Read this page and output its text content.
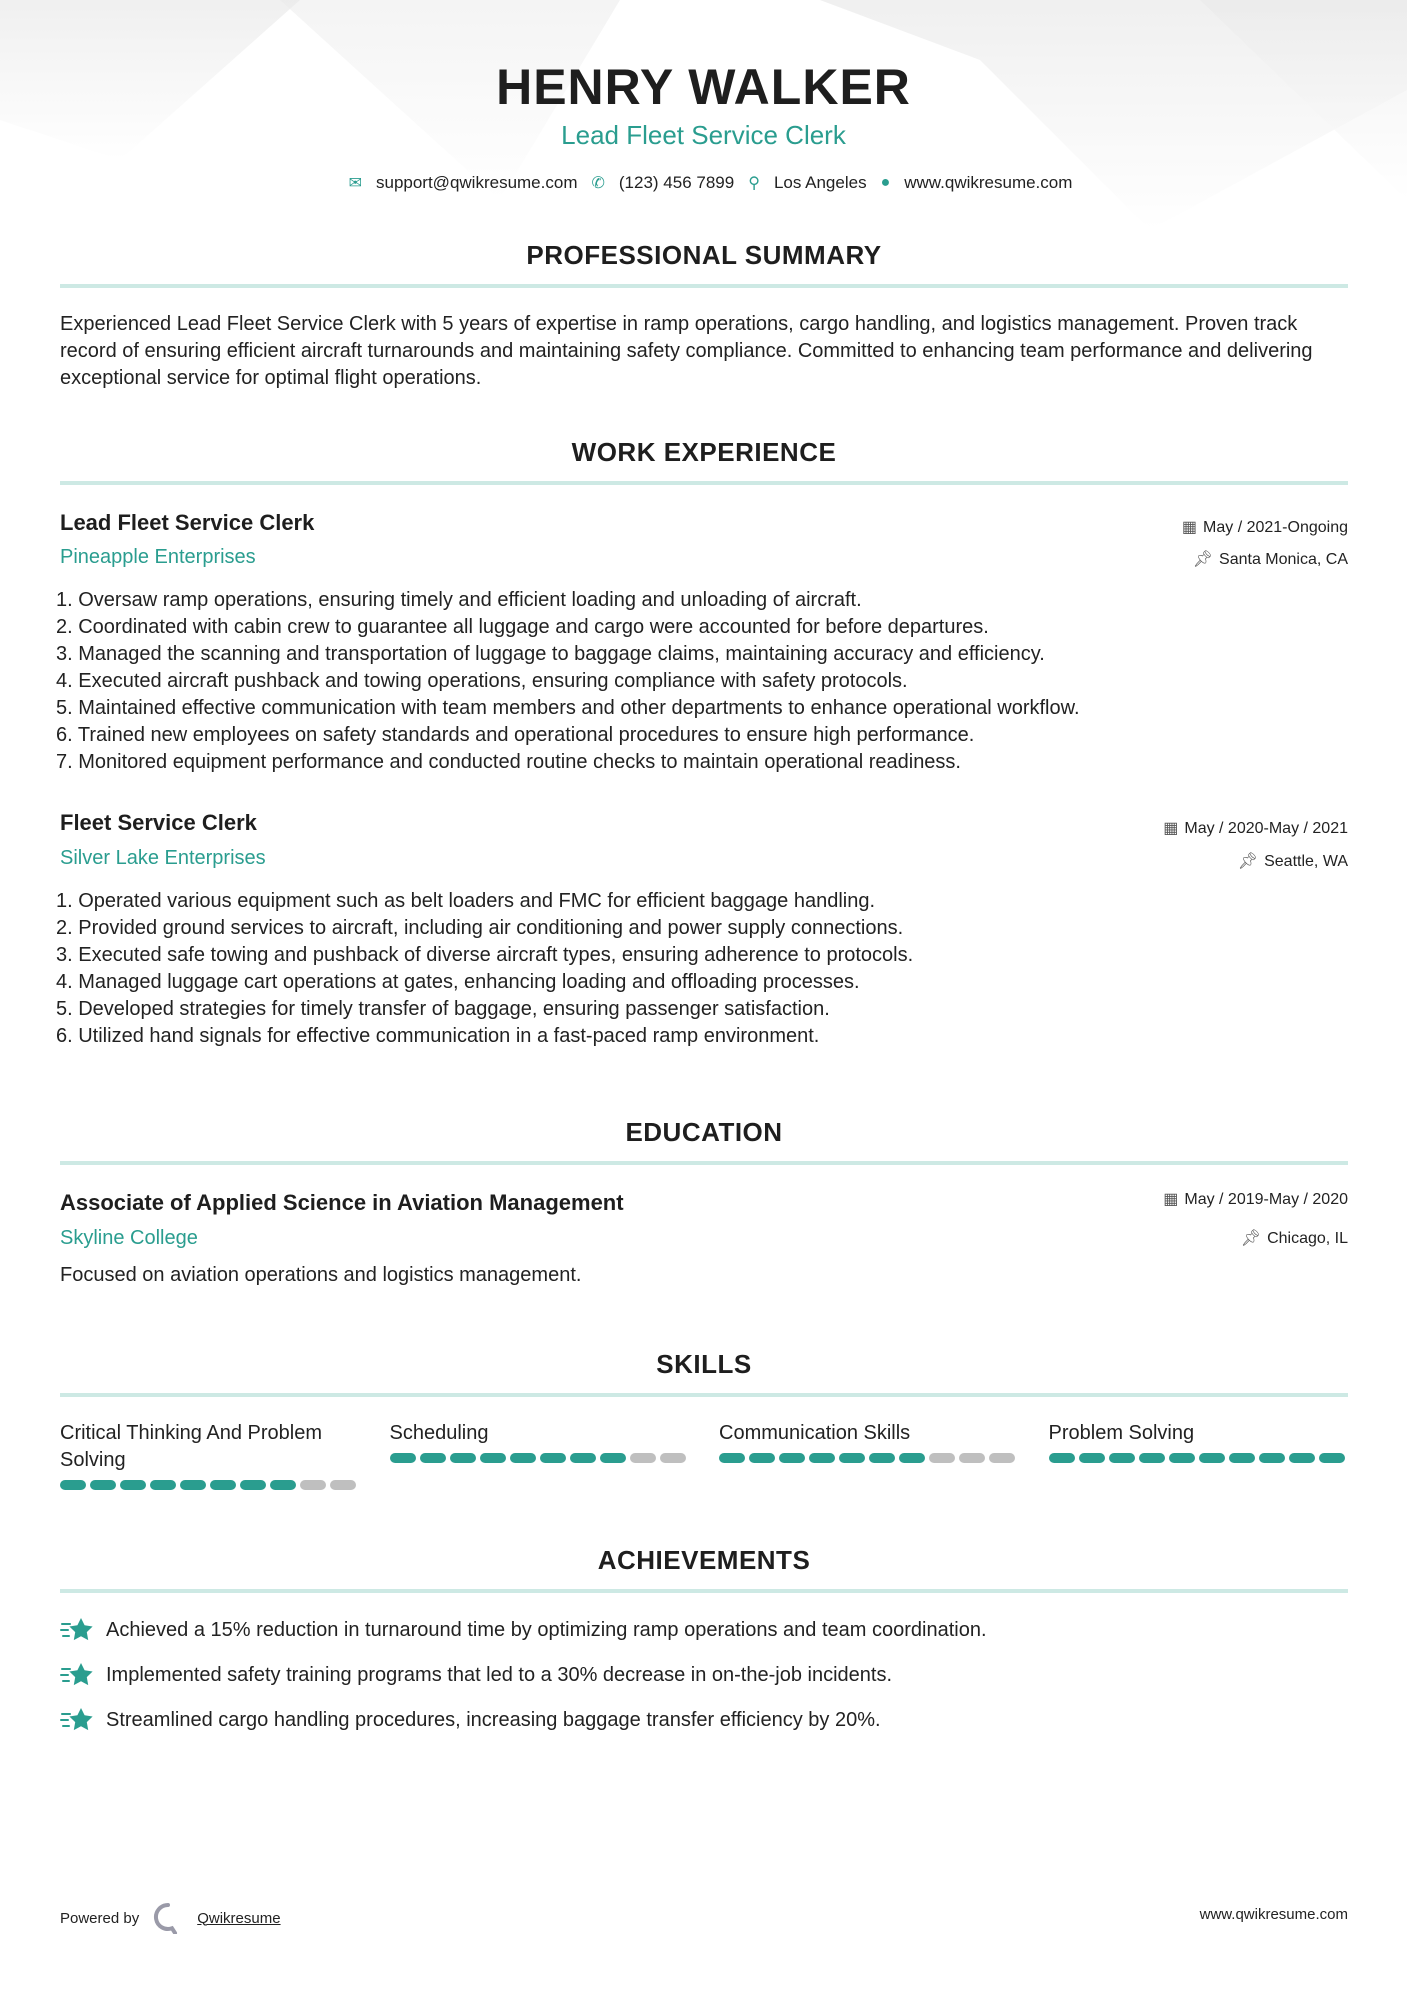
HENRY WALKER
Lead Fleet Service Clerk
✉ support@qwikresume.com ✆ (123) 456 7899 ⚲ Los Angeles ● www.qwikresume.com
PROFESSIONAL SUMMARY
Experienced Lead Fleet Service Clerk with 5 years of expertise in ramp operations, cargo handling, and logistics management. Proven track record of ensuring efficient aircraft turnarounds and maintaining safety compliance. Committed to enhancing team performance and delivering exceptional service for optimal flight operations.
WORK EXPERIENCE
Lead Fleet Service Clerk
Pineapple Enterprises
▦ May / 2021-Ongoing
📌︎ Santa Monica, CA
1. Oversaw ramp operations, ensuring timely and efficient loading and unloading of aircraft.
2. Coordinated with cabin crew to guarantee all luggage and cargo were accounted for before departures.
3. Managed the scanning and transportation of luggage to baggage claims, maintaining accuracy and efficiency.
4. Executed aircraft pushback and towing operations, ensuring compliance with safety protocols.
5. Maintained effective communication with team members and other departments to enhance operational workflow.
6. Trained new employees on safety standards and operational procedures to ensure high performance.
7. Monitored equipment performance and conducted routine checks to maintain operational readiness.
Fleet Service Clerk
Silver Lake Enterprises
▦ May / 2020-May / 2021
📌︎ Seattle, WA
1. Operated various equipment such as belt loaders and FMC for efficient baggage handling.
2. Provided ground services to aircraft, including air conditioning and power supply connections.
3. Executed safe towing and pushback of diverse aircraft types, ensuring adherence to protocols.
4. Managed luggage cart operations at gates, enhancing loading and offloading processes.
5. Developed strategies for timely transfer of baggage, ensuring passenger satisfaction.
6. Utilized hand signals for effective communication in a fast-paced ramp environment.
EDUCATION
Associate of Applied Science in Aviation Management
Skyline College
▦ May / 2019-May / 2020
📌︎ Chicago, IL
Focused on aviation operations and logistics management.
SKILLS
Critical Thinking And Problem Solving
Scheduling	Communication Skills	Problem Solving
ACHIEVEMENTS
Achieved a 15% reduction in turnaround time by optimizing ramp operations and team coordination.
Implemented safety training programs that led to a 30% decrease in on-the-job incidents.
Streamlined cargo handling procedures, increasing baggage transfer efficiency by 20%.
Powered by	Qwikresume	www.qwikresume.com
